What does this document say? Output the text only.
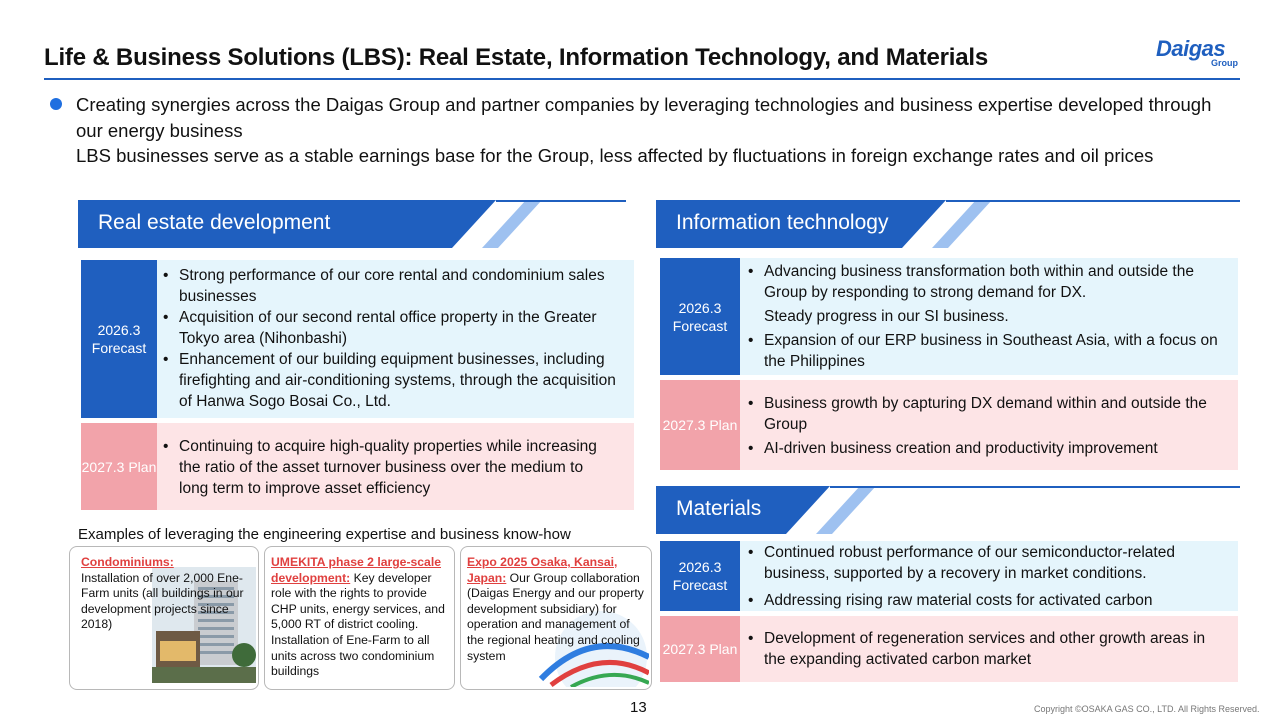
Life & Business Solutions (LBS): Real Estate, Information Technology, and Materials	Daigas
Group
Creating synergies across the Daigas Group and partner companies by leveraging technologies and business expertise developed through our energy business
LBS businesses serve as a stable earnings base for the Group, less affected by fluctuations in foreign exchange rates and oil prices
Real estate development
2026.3 Forecast
• Strong performance of our core rental and condominium sales businesses
• Acquisition of our second rental office property in the Greater Tokyo area (Nihonbashi)
• Enhancement of our building equipment businesses, including firefighting and air-conditioning systems, through the acquisition of Hanwa Sogo Bosai Co., Ltd.
2027.3 Plan
• Continuing to acquire high-quality properties while increasing the ratio of the asset turnover business over the medium to long term to improve asset efficiency
Examples of leveraging the engineering expertise and business know-how
Condominiums:
Installation of over 2,000 Ene-Farm units (all buildings in our development projects since 2018)
UMEKITA phase 2 large-scale development: Key developer role with the rights to provide CHP units, energy services, and 5,000 RT of district cooling. Installation of Ene-Farm to all units across two condominium buildings
Expo 2025 Osaka, Kansai, Japan: Our Group collaboration (Daigas Energy and our property development subsidiary) for operation and management of the regional heating and cooling system
Information technology
2026.3 Forecast
• Advancing business transformation both within and outside the Group by responding to strong demand for DX.
Steady progress in our SI business.
• Expansion of our ERP business in Southeast Asia, with a focus on the Philippines
2027.3 Plan
• Business growth by capturing DX demand within and outside the Group
• AI-driven business creation and productivity improvement
Materials
2026.3 Forecast
• Continued robust performance of our semiconductor-related business, supported by a recovery in market conditions.
• Addressing rising raw material costs for activated carbon
2027.3 Plan
• Development of regeneration services and other growth areas in the expanding activated carbon market
13	Copyright ©OSAKA GAS CO., LTD. All Rights Reserved.
